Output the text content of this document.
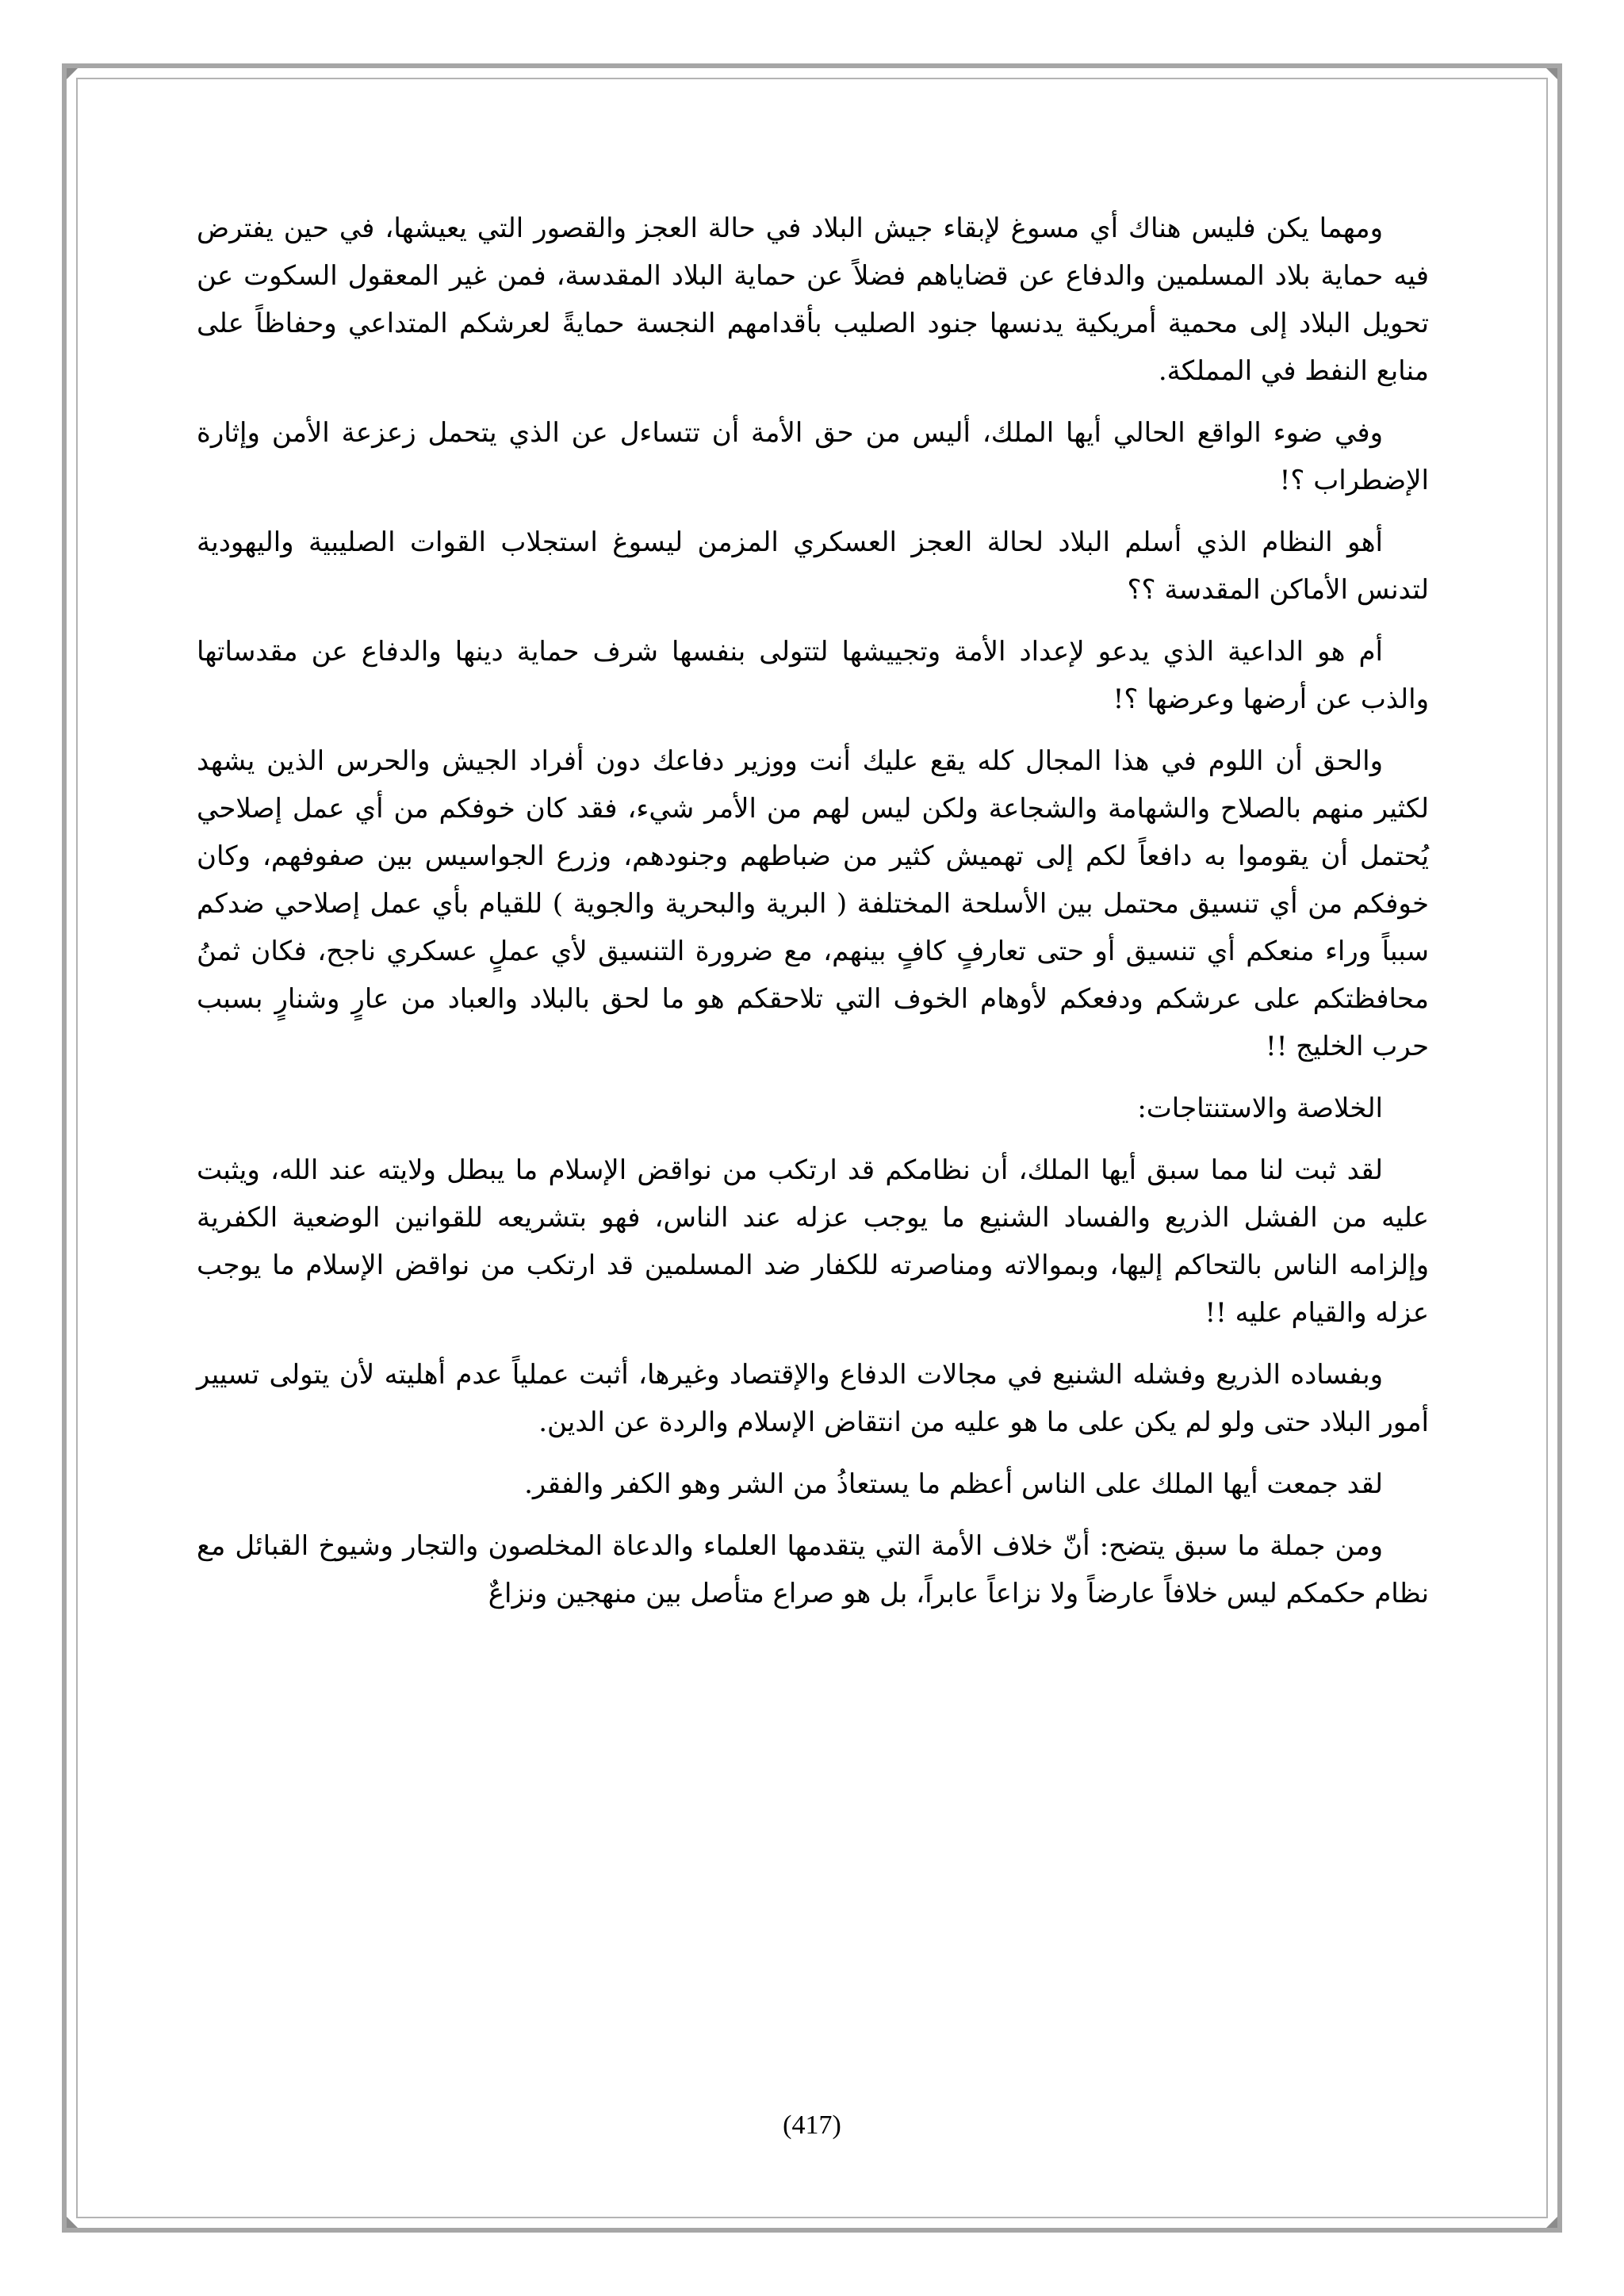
ومهما يكن فليس هناك أي مسوغ لإبقاء جيش البلاد في حالة العجز والقصور التي يعيشها، في حين يفترض فيه حماية بلاد المسلمين والدفاع عن قضاياهم فضلاً عن حماية البلاد المقدسة، فمن غير المعقول السكوت عن تحويل البلاد إلى محمية أمريكية يدنسها جنود الصليب بأقدامهم النجسة حمايةً لعرشكم المتداعي وحفاظاً على منابع النفط في المملكة.

وفي ضوء الواقع الحالي أيها الملك، أليس من حق الأمة أن تتساءل عن الذي يتحمل زعزعة الأمن وإثارة الإضطراب ؟!

أهو النظام الذي أسلم البلاد لحالة العجز العسكري المزمن ليسوغ استجلاب القوات الصليبية واليهودية لتدنس الأماكن المقدسة ؟؟

أم هو الداعية الذي يدعو لإعداد الأمة وتجييشها لتتولى بنفسها شرف حماية دينها والدفاع عن مقدساتها والذب عن أرضها وعرضها ؟!

والحق أن اللوم في هذا المجال كله يقع عليك أنت ووزير دفاعك دون أفراد الجيش والحرس الذين يشهد لكثير منهم بالصلاح والشهامة والشجاعة ولكن ليس لهم من الأمر شيء، فقد كان خوفكم من أي عمل إصلاحي يُحتمل أن يقوموا به دافعاً لكم إلى تهميش كثير من ضباطهم وجنودهم، وزرع الجواسيس بين صفوفهم، وكان خوفكم من أي تنسيق محتمل بين الأسلحة المختلفة ( البرية والبحرية والجوية ) للقيام بأي عمل إصلاحي ضدكم سبباً وراء منعكم أي تنسيق أو حتى تعارفٍ كافٍ بينهم، مع ضرورة التنسيق لأي عملٍ عسكري ناجح، فكان ثمنُ محافظتكم على عرشكم ودفعكم لأوهام الخوف التي تلاحقكم هو ما لحق بالبلاد والعباد من عارٍ وشنارٍ بسبب حرب الخليج !!

الخلاصة والاستنتاجات:

لقد ثبت لنا مما سبق أيها الملك، أن نظامكم قد ارتكب من نواقض الإسلام ما يبطل ولايته عند الله، ويثبت عليه من الفشل الذريع والفساد الشنيع ما يوجب عزله عند الناس، فهو بتشريعه للقوانين الوضعية الكفرية وإلزامه الناس بالتحاكم إليها، وبموالاته ومناصرته للكفار ضد المسلمين قد ارتكب من نواقض الإسلام ما يوجب عزله والقيام عليه !!

وبفساده الذريع وفشله الشنيع في مجالات الدفاع والإقتصاد وغيرها، أثبت عملياً عدم أهليته لأن يتولى تسيير أمور البلاد حتى ولو لم يكن على ما هو عليه من انتقاض الإسلام والردة عن الدين.

لقد جمعت أيها الملك على الناس أعظم ما يستعاذُ من الشر وهو الكفر والفقر.

ومن جملة ما سبق يتضح: أنّ خلاف الأمة التي يتقدمها العلماء والدعاة المخلصون والتجار وشيوخ القبائل مع نظام حكمكم ليس خلافاً عارضاً ولا نزاعاً عابراً، بل هو صراع متأصل بين منهجين ونزاعٌ

(417)
